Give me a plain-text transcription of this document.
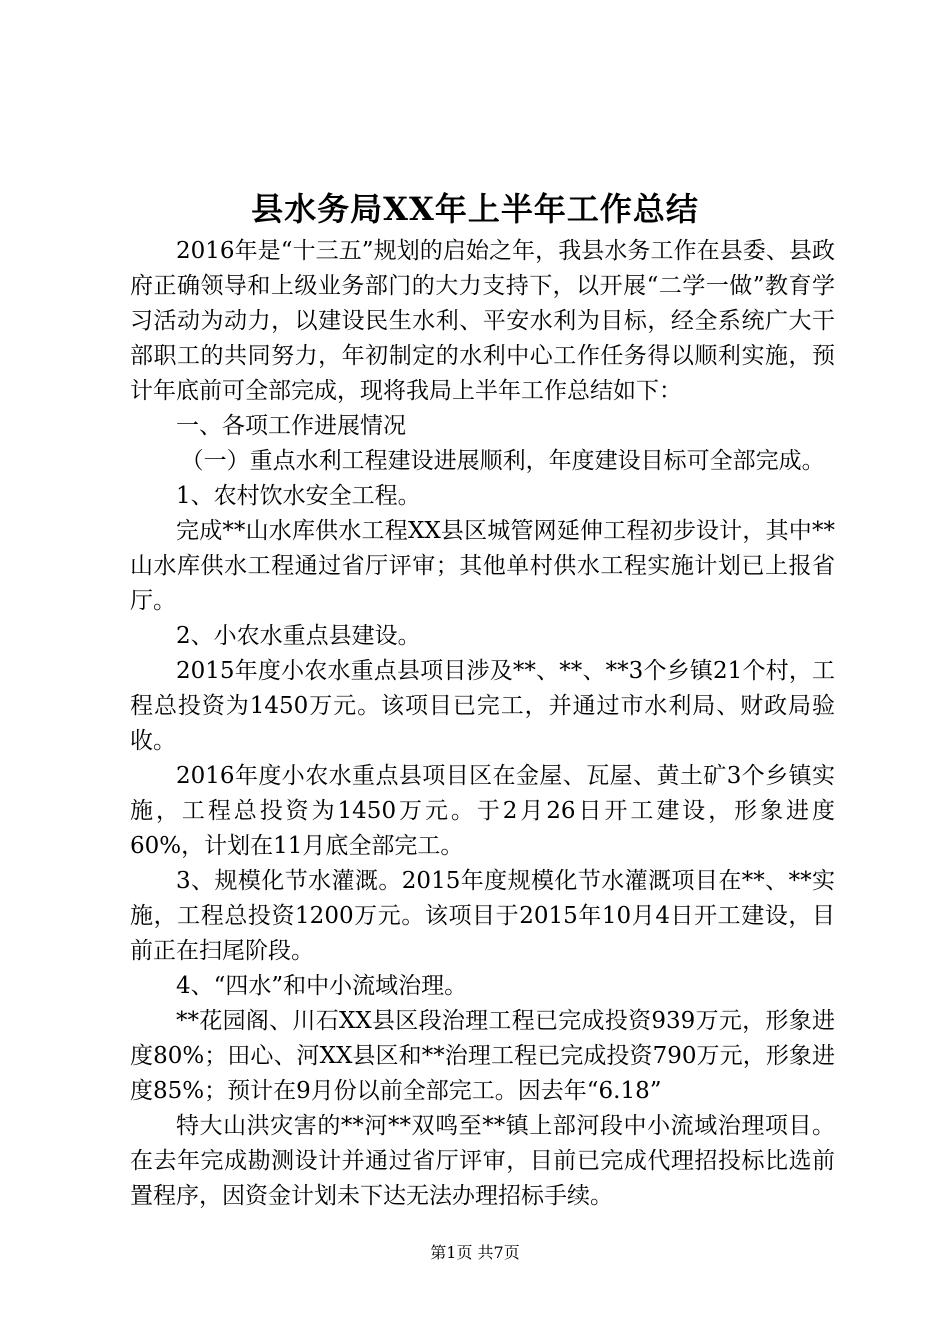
县水务局XX年上半年工作总结

2016年是“十三五”规划的启始之年，我县水务工作在县委、县政府正确领导和上级业务部门的大力支持下，以开展“二学一做”教育学习活动为动力，以建设民生水利、平安水利为目标，经全系统广大干部职工的共同努力，年初制定的水利中心工作任务得以顺利实施，预计年底前可全部完成，现将我局上半年工作总结如下：

一、各项工作进展情况

（一）重点水利工程建设进展顺利，年度建设目标可全部完成。

1、农村饮水安全工程。

完成**山水库供水工程XX县区城管网延伸工程初步设计，其中**山水库供水工程通过省厅评审；其他单村供水工程实施计划已上报省厅。

2、小农水重点县建设。

2015年度小农水重点县项目涉及**、**、**3个乡镇21个村，工程总投资为1450万元。该项目已完工，并通过市水利局、财政局验收。

2016年度小农水重点县项目区在金屋、瓦屋、黄土矿3个乡镇实施，工程总投资为1450万元。于2月26日开工建设，形象进度60%，计划在11月底全部完工。

3、规模化节水灌溉。2015年度规模化节水灌溉项目在**、**实施，工程总投资1200万元。该项目于2015年10月4日开工建设，目前正在扫尾阶段。

4、“四水”和中小流域治理。

**花园阁、川石XX县区段治理工程已完成投资939万元，形象进度80%；田心、河XX县区和**治理工程已完成投资790万元，形象进度85%；预计在9月份以前全部完工。因去年“6.18”

特大山洪灾害的**河**双鸣至**镇上部河段中小流域治理项目。在去年完成勘测设计并通过省厅评审，目前已完成代理招投标比选前置程序，因资金计划未下达无法办理招标手续。

第1页 共7页
